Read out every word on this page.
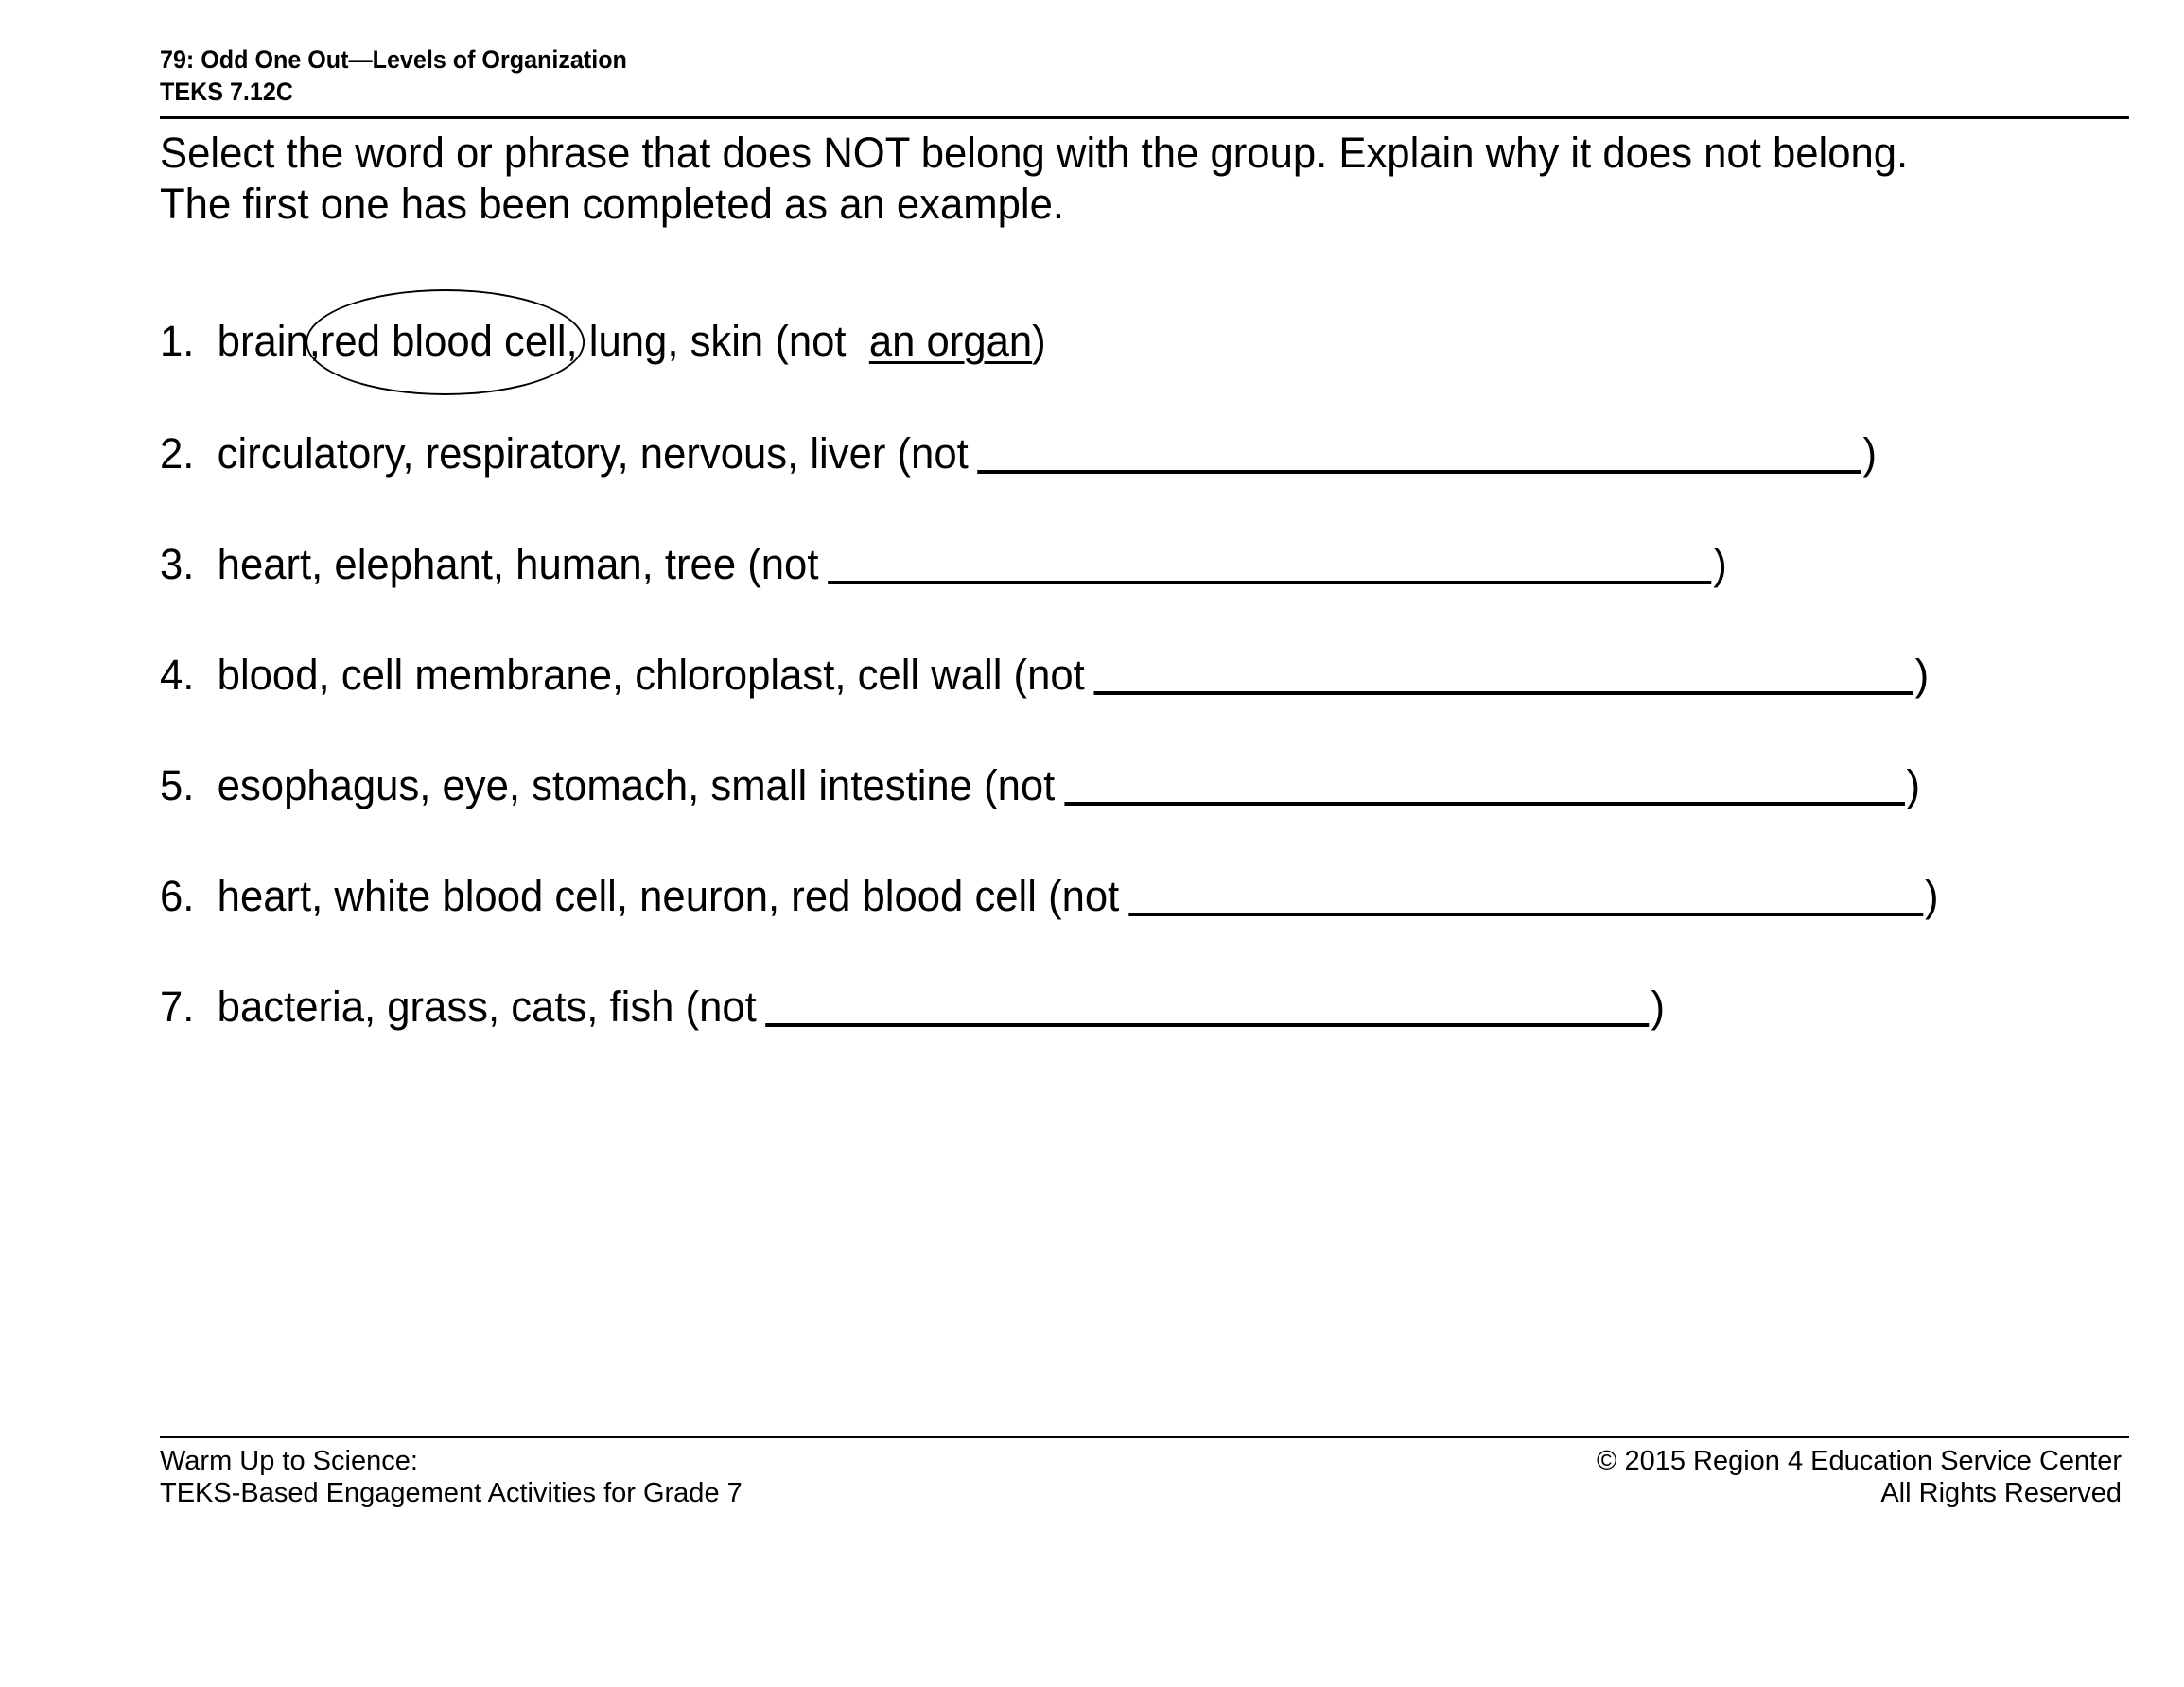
79: Odd One Out—Levels of Organization
TEKS 7.12C
Select the word or phrase that does NOT belong with the group. Explain why it does not belong.
The first one has been completed as an example.
1.  brain,
red blood cell, lung, skin (not  an organ)
2.  circulatory, respiratory, nervous, liver (not	)
3.  heart, elephant, human, tree (not	)
4.  blood, cell membrane, chloroplast, cell wall (not	)
5.  esophagus, eye, stomach, small intestine (not	)
6.  heart, white blood cell, neuron, red blood cell (not	)
7.  bacteria, grass, cats, fish (not	)
Warm Up to Science:
TEKS-Based Engagement Activities for Grade 7
© 2015 Region 4 Education Service Center
All Rights Reserved
